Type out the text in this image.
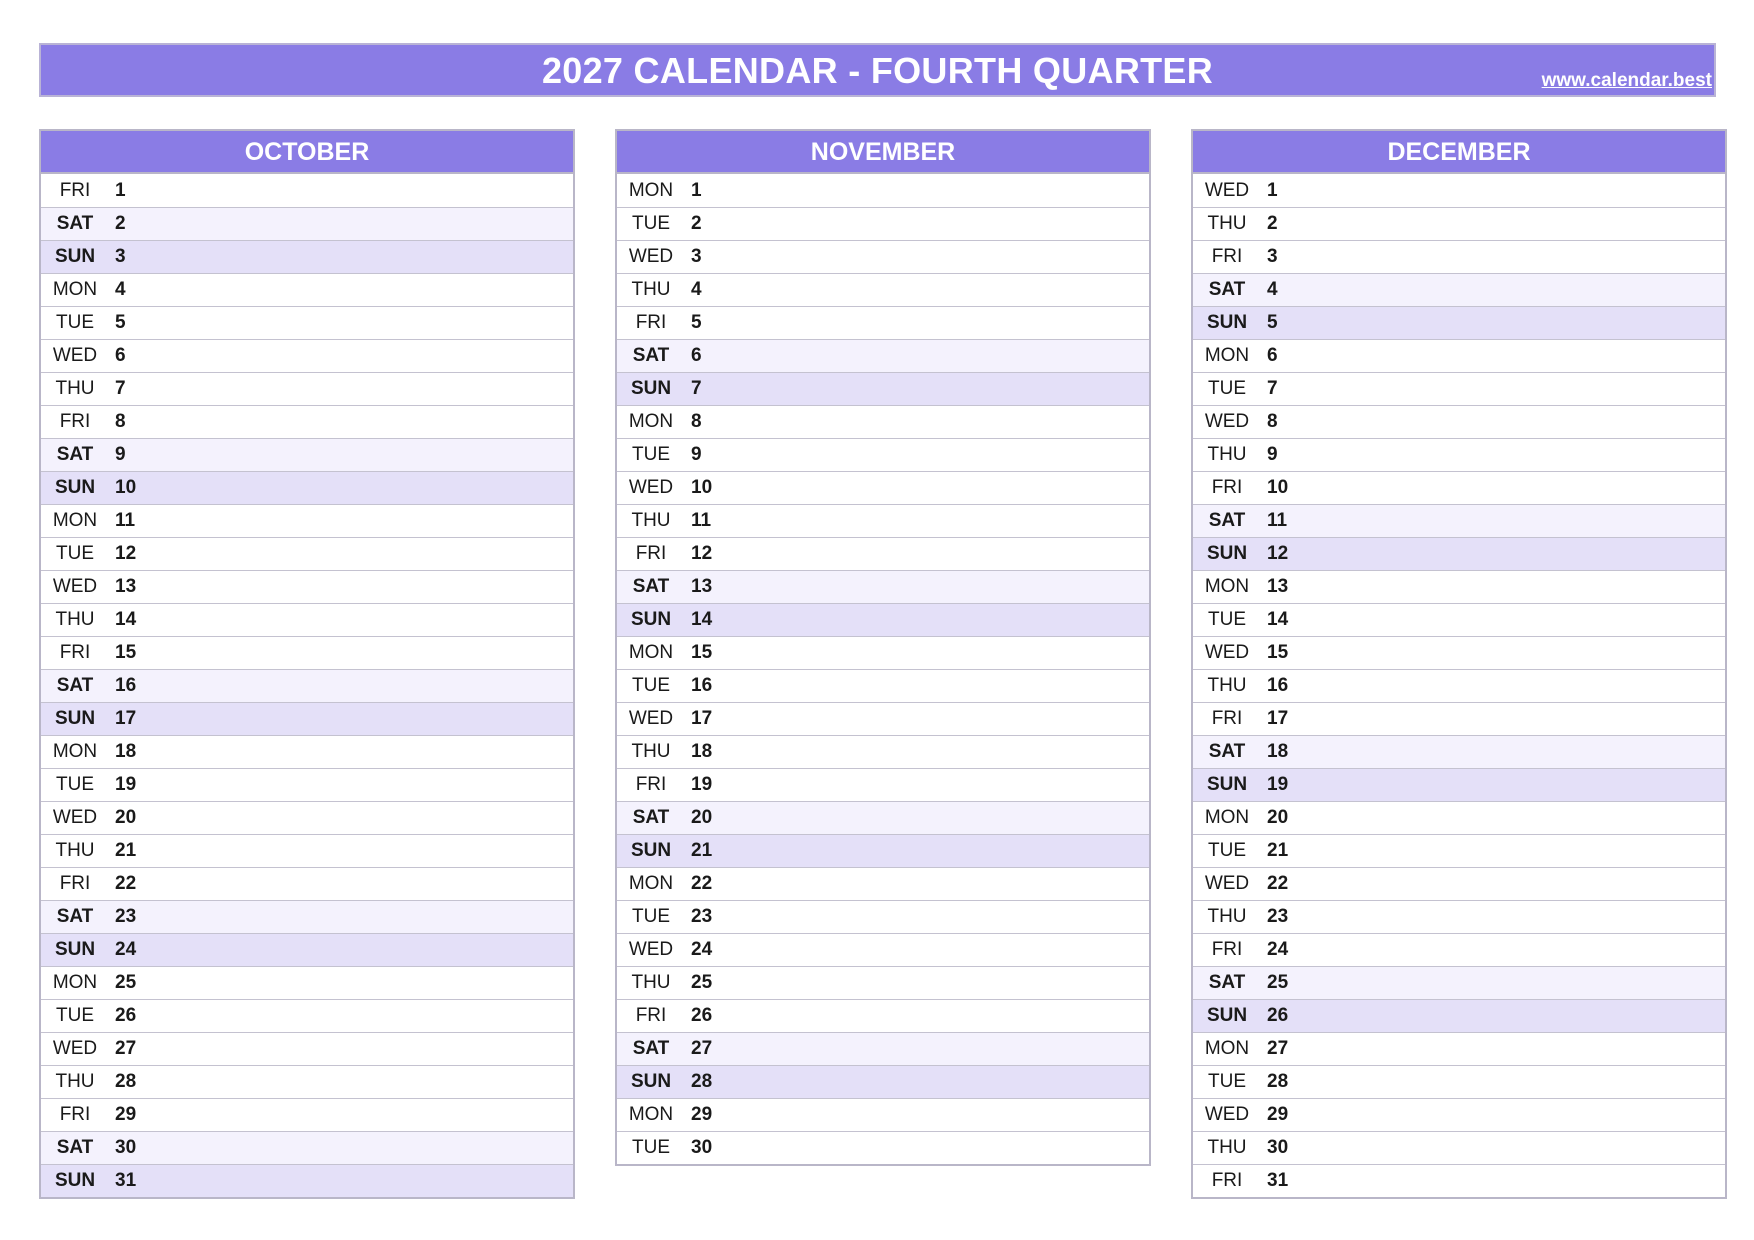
2027 CALENDAR - FOURTH QUARTER	www.calendar.best
OCTOBER
FRI	1
SAT	2
SUN	3
MON 4
TUE	5
WED 6
THU	7
FRI	8
SAT	9
SUN	10
MON 11
TUE	12
WED 13
THU	14
FRI	15
SAT	16
SUN	17
MON 18
TUE	19
WED 20
THU	21
FRI	22
SAT	23
SUN	24
MON 25
TUE	26
WED 27
THU	28
FRI	29
SAT	30
SUN	31
NOVEMBER
MON 1
TUE	2
WED 3
THU	4
FRI	5
SAT	6
SUN	7
MON 8
TUE	9
WED 10
THU	11
FRI	12
SAT	13
SUN	14
MON 15
TUE	16
WED 17
THU	18
FRI	19
SAT	20
SUN	21
MON 22
TUE	23
WED 24
THU	25
FRI	26
SAT	27
SUN	28
MON 29
TUE	30
DECEMBER
WED 1
THU	2
FRI	3
SAT	4
SUN	5
MON 6
TUE	7
WED 8
THU	9
FRI	10
SAT	11
SUN	12
MON 13
TUE	14
WED 15
THU	16
FRI	17
SAT	18
SUN	19
MON 20
TUE	21
WED 22
THU	23
FRI	24
SAT	25
SUN	26
MON 27
TUE	28
WED 29
THU	30
FRI	31
